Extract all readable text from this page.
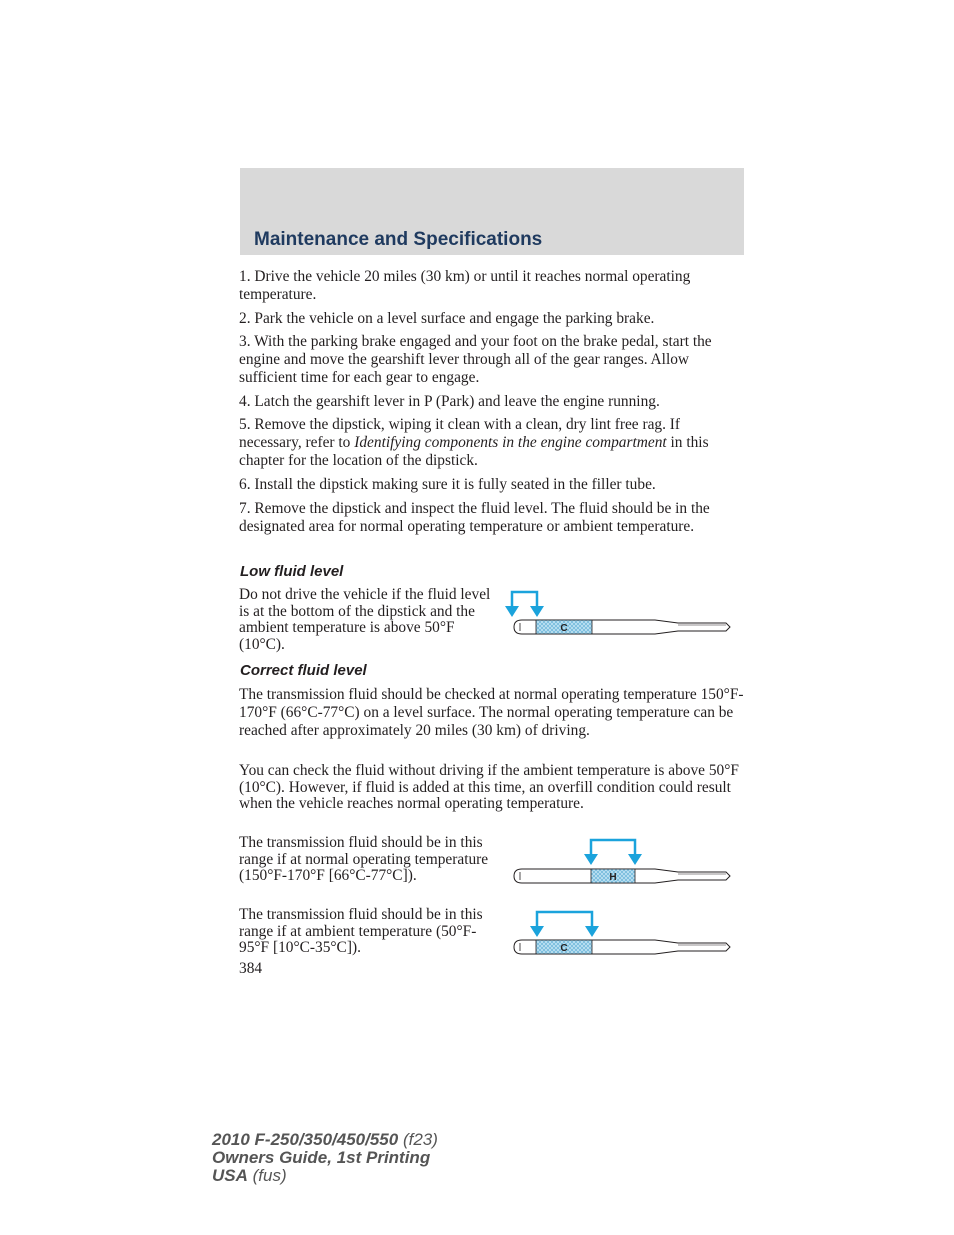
Maintenance and Specifications
1. Drive the vehicle 20 miles (30 km) or until it reaches normal operating temperature.
2. Park the vehicle on a level surface and engage the parking brake.
3. With the parking brake engaged and your foot on the brake pedal, start the engine and move the gearshift lever through all of the gear ranges. Allow sufficient time for each gear to engage.
4. Latch the gearshift lever in P (Park) and leave the engine running.
5. Remove the dipstick, wiping it clean with a clean, dry lint free rag. If necessary, refer to Identifying components in the engine compartment in this chapter for the location of the dipstick.
6. Install the dipstick making sure it is fully seated in the filler tube.
7. Remove the dipstick and inspect the fluid level. The fluid should be in the designated area for normal operating temperature or ambient temperature.
Low fluid level
Do not drive the vehicle if the fluid level is at the bottom of the dipstick and the ambient temperature is above 50°F (10°C).
C
Correct fluid level
The transmission fluid should be checked at normal operating temperature 150°F-170°F (66°C-77°C) on a level surface. The normal operating temperature can be reached after approximately 20 miles (30 km) of driving.
You can check the fluid without driving if the ambient temperature is above 50°F (10°C). However, if fluid is added at this time, an overfill condition could result when the vehicle reaches normal operating temperature.
The transmission fluid should be in this range if at normal operating temperature (150°F-170°F [66°C-77°C]).	H
The transmission fluid should be in this range if at ambient temperature (50°F-95°F [10°C-35°C]).	C
384
2010 F-250/350/450/550 (f23)
Owners Guide, 1st Printing
USA (fus)
